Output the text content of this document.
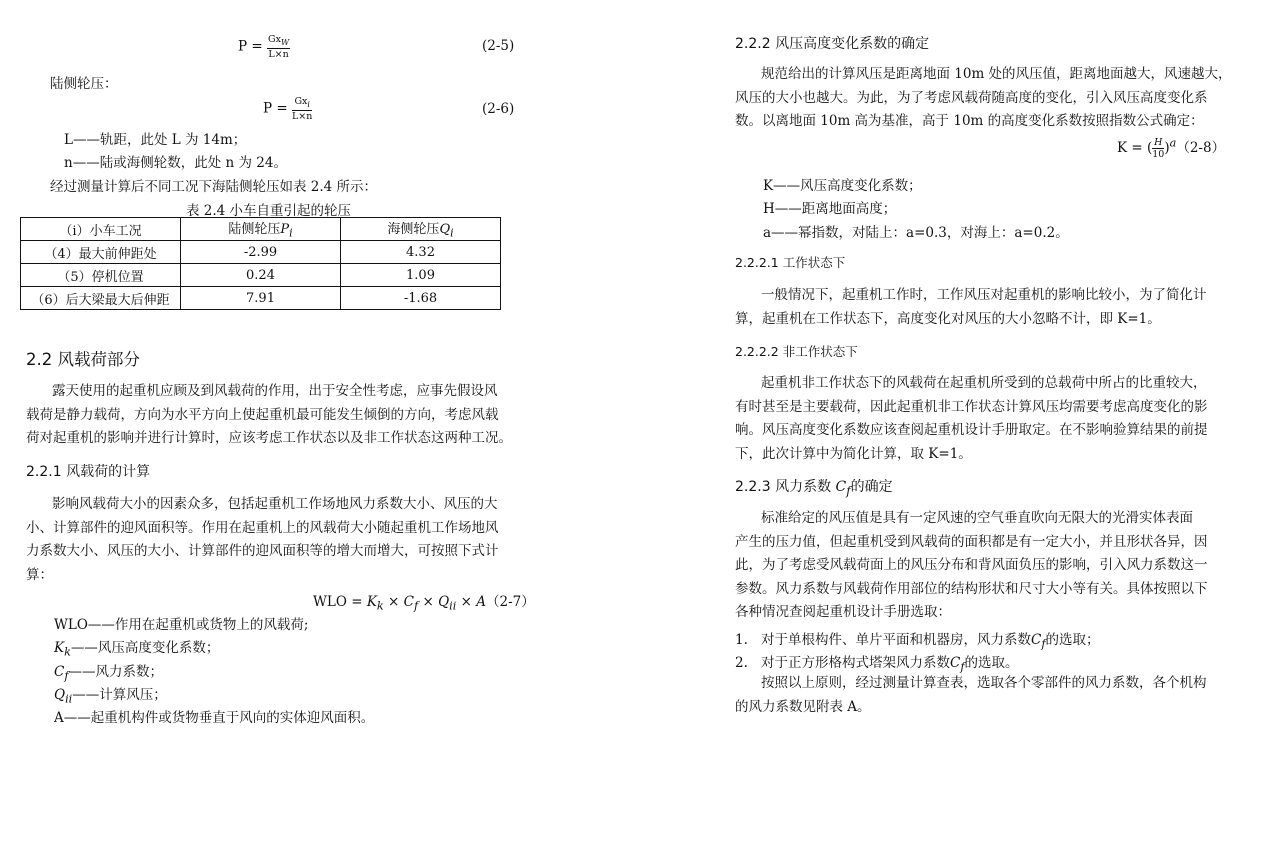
$P = \frac{Gx_W}{L\times n}$	(2-5)
陆侧轮压：
$P = \frac{Gx_i}{L\times n}$	(2-6)
L——轨距，此处 L 为 14m；
n——陆或海侧轮数，此处 n 为 24。
经过测量计算后不同工况下海陆侧轮压如表 2.4 所示：
表 2.4 小车自重引起的轮压
（i）小车工况	陆侧轮压$P_i$	海侧轮压$Q_i$
（4）最大前伸距处	-2.99	4.32
（5）停机位置	0.24	1.09
（6）后大梁最大后伸距	7.91	-1.68
2.2 风载荷部分
露天使用的起重机应顾及到风载荷的作用，出于安全性考虑，应事先假设风
载荷是静力载荷，方向为水平方向上使起重机最可能发生倾倒的方向，考虑风载
荷对起重机的影响并进行计算时，应该考虑工作状态以及非工作状态这两种工况。
2.2.1 风载荷的计算
影响风载荷大小的因素众多，包括起重机工作场地风力系数大小、风压的大
小、计算部件的迎风面积等。作用在起重机上的风载荷大小随起重机工作场地风
力系数大小、风压的大小、计算部件的迎风面积等的增大而增大，可按照下式计
算：
WLO = $K_k \times C_f \times Q_{ii} \times A(2-7)$
WLO——作用在起重机或货物上的风载荷;
$K_k——$风压高度变化系数；
$C_f——$风力系数；
$Q_{ii}——$计算风压；
A——起重机构件或货物垂直于风向的实体迎风面积。
2.2.2 风压高度变化系数的确定
规范给出的计算风压是距离地面 10m 处的风压值，距离地面越大，风速越大，
风压的大小也越大。为此，为了考虑风载荷随高度的变化，引入风压高度变化系
数。以离地面 10m 高为基准，高于 10m 的高度变化系数按照指数公式确定：
K = ( $\frac{H}{10} )^a(2-8)$
K——风压高度变化系数；
H——距离地面高度；
a——幂指数，对陆上：a=0.3，对海上：a=0.2。
2.2.2.1 工作状态下
一般情况下，起重机工作时，工作风压对起重机的影响比较小，为了简化计
算，起重机在工作状态下，高度变化对风压的大小忽略不计，即 K=1。
2.2.2.2 非工作状态下
起重机非工作状态下的风载荷在起重机所受到的总载荷中所占的比重较大，
有时甚至是主要载荷，因此起重机非工作状态计算风压均需要考虑高度变化的影
响。风压高度变化系数应该查阅起重机设计手册取定。在不影响验算结果的前提
下，此次计算中为简化计算，取 K=1。
2.2.3 风力系数 $C_f$的确定
标准给定的风压值是具有一定风速的空气垂直吹向无限大的光滑实体表面
产生的压力值，但起重机受到风载荷的面积都是有一定大小，并且形状各异，因
此，为了考虑受风载荷面上的风压分布和背风面负压的影响，引入风力系数这一
参数。风力系数与风载荷作用部位的结构形状和尺寸大小等有关。具体按照以下
各种情况查阅起重机设计手册选取：
1. 对于单根构件、单片平面和机器房，风力系数$C_f$的选取；
2. 对于正方形格构式塔架风力系数$C_f$的选取。
按照以上原则，经过测量计算查表，选取各个零部件的风力系数，各个机构
的风力系数见附表 A。
